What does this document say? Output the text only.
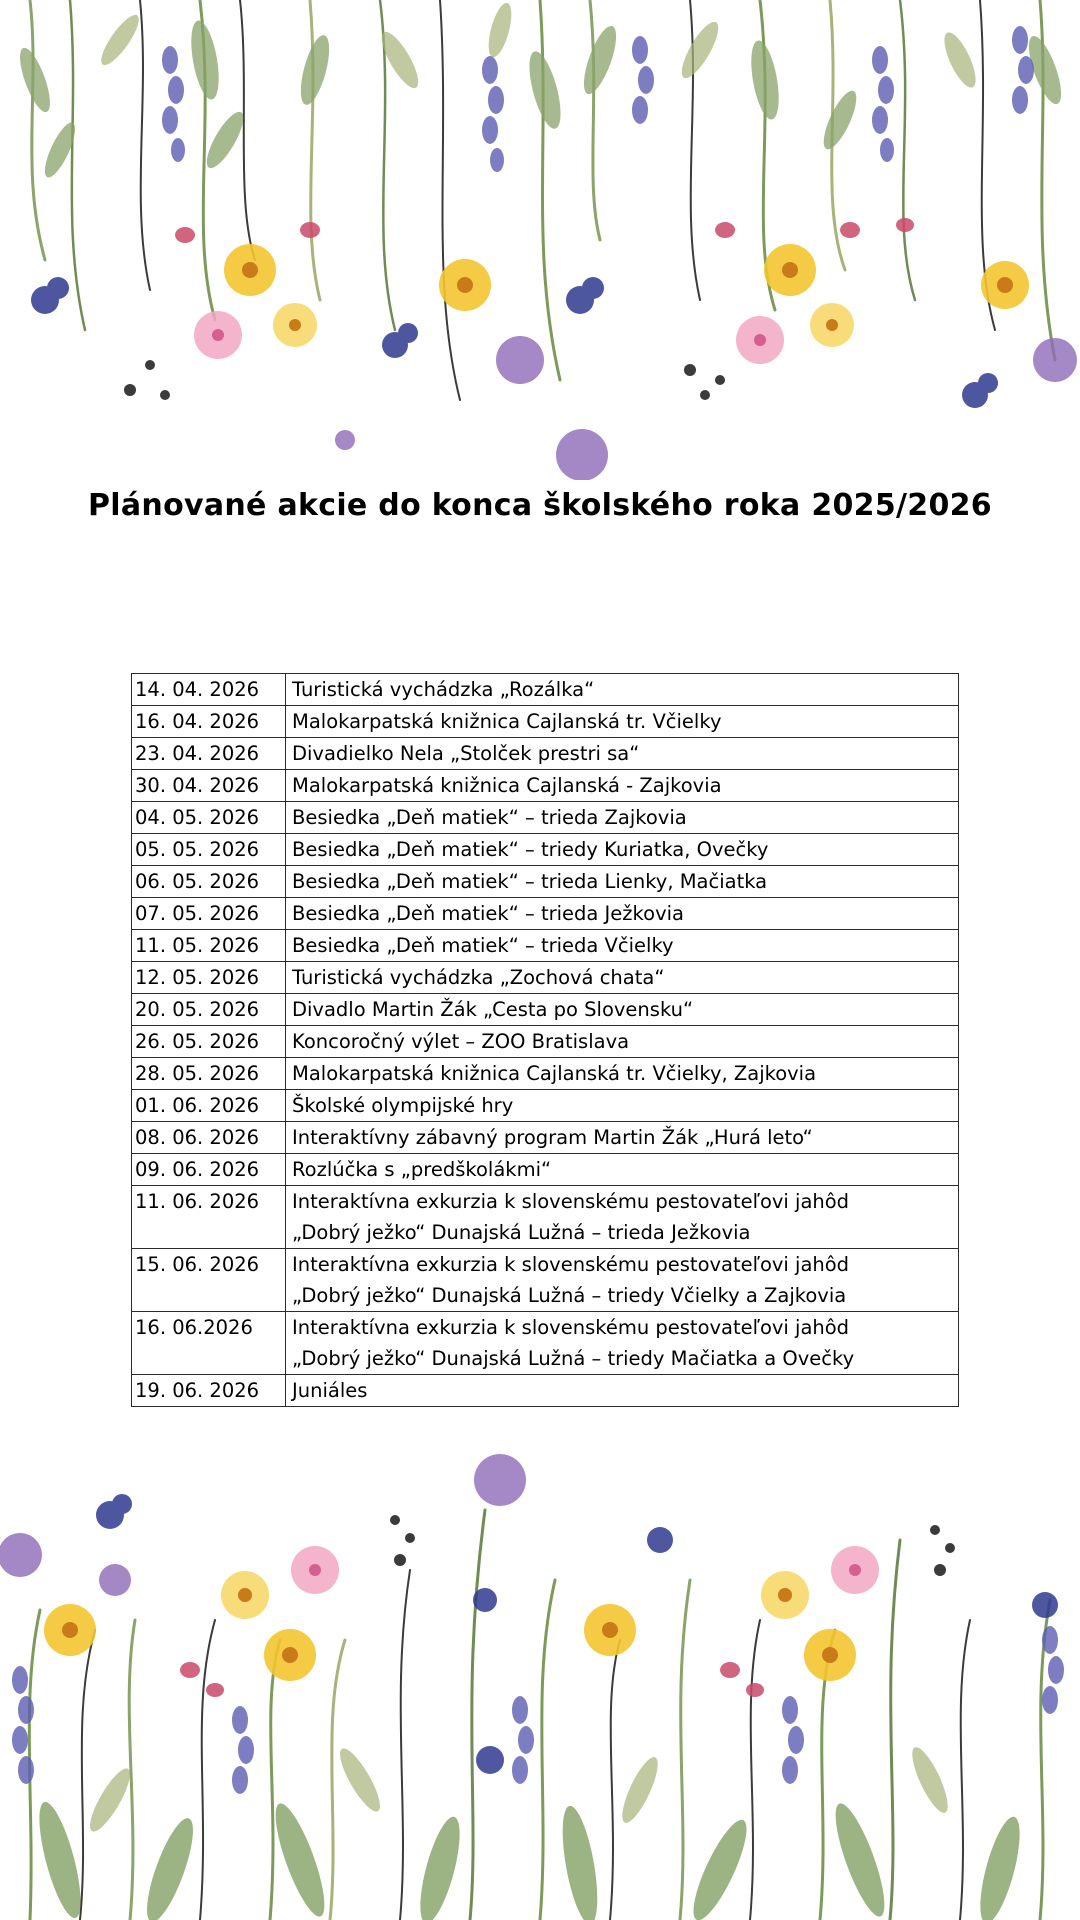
Plánované akcie do konca školského roka 2025/2026
14. 04. 2026	Turistická vychádzka „Rozálka“

16. 04. 2026	Malokarpatská knižnica Cajlanská tr. Včielky

23. 04. 2026	Divadielko Nela „Stolček prestri sa“

30. 04. 2026	Malokarpatská knižnica Cajlanská - Zajkovia

04. 05. 2026	Besiedka „Deň matiek“ – trieda Zajkovia

05. 05. 2026	Besiedka „Deň matiek“ – triedy Kuriatka, Ovečky

06. 05. 2026	Besiedka „Deň matiek“ – trieda Lienky, Mačiatka

07. 05. 2026	Besiedka „Deň matiek“ – trieda Ježkovia

11. 05. 2026	Besiedka „Deň matiek“ – trieda Včielky

12. 05. 2026	Turistická vychádzka „Zochová chata“

20. 05. 2026	Divadlo Martin Žák „Cesta po Slovensku“

26. 05. 2026	Koncoročný výlet – ZOO Bratislava

28. 05. 2026	Malokarpatská knižnica Cajlanská tr. Včielky, Zajkovia

01. 06. 2026	Školské olympijské hry

08. 06. 2026	Interaktívny zábavný program Martin Žák „Hurá leto“

09. 06. 2026	Rozlúčka s „predškolákmi“

11. 06. 2026	Interaktívna exkurzia k slovenskému pestovateľovi jahôd
„Dobrý ježko“ Dunajská Lužná – trieda Ježkovia

15. 06. 2026	Interaktívna exkurzia k slovenskému pestovateľovi jahôd
„Dobrý ježko“ Dunajská Lužná – triedy Včielky a Zajkovia

16. 06.2026	Interaktívna exkurzia k slovenskému pestovateľovi jahôd
„Dobrý ježko“ Dunajská Lužná – triedy Mačiatka a Ovečky

19. 06. 2026	Juniáles
